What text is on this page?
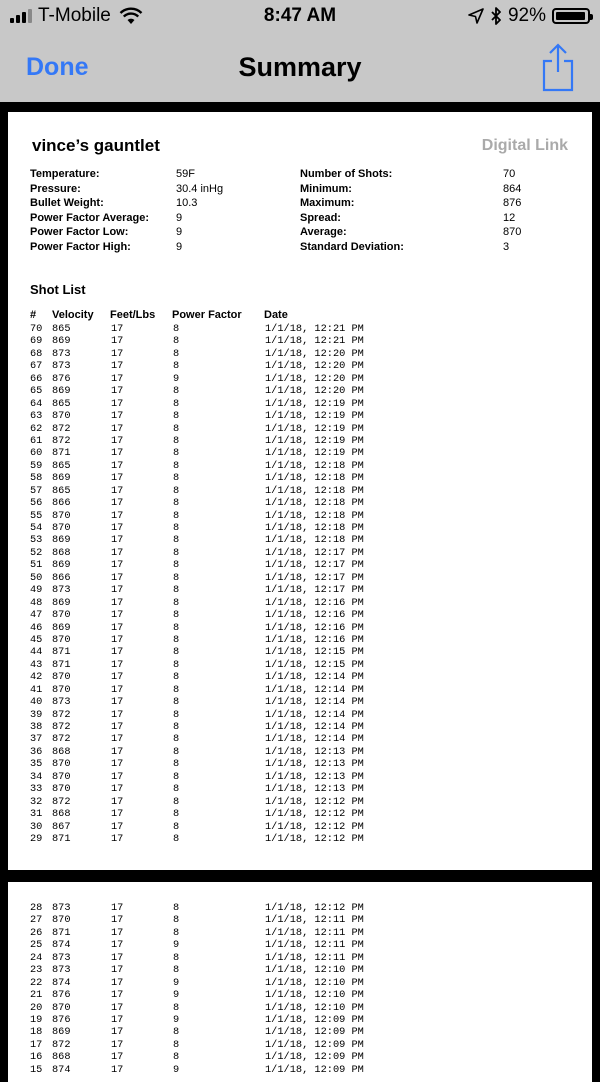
T-Mobile	8:47 AM	92%
Done	Summary
vince’s gauntlet	Digital Link
Temperature:	59F
Pressure:	30.4 inHg
Bullet Weight:	10.3
Power Factor Average: 9
Power Factor Low:	9
Power Factor High:	9
Number of Shots:	70
Minimum:	864
Maximum:	876
Spread:	12
Average:	870
Standard Deviation:	3
Shot List
# Velocity Feet/Lbs Power Factor Date
70 865	17	8	1/1/18, 12:21 PM
69 869	17	8	1/1/18, 12:21 PM
68 873	17	8	1/1/18, 12:20 PM
67 873	17	8	1/1/18, 12:20 PM
66 876	17	9	1/1/18, 12:20 PM
65 869	17	8	1/1/18, 12:20 PM
64 865	17	8	1/1/18, 12:19 PM
63 870	17	8	1/1/18, 12:19 PM
62 872	17	8	1/1/18, 12:19 PM
61 872	17	8	1/1/18, 12:19 PM
60 871	17	8	1/1/18, 12:19 PM
59 865	17	8	1/1/18, 12:18 PM
58 869	17	8	1/1/18, 12:18 PM
57 865	17	8	1/1/18, 12:18 PM
56 866	17	8	1/1/18, 12:18 PM
55 870	17	8	1/1/18, 12:18 PM
54 870	17	8	1/1/18, 12:18 PM
53 869	17	8	1/1/18, 12:18 PM
52 868	17	8	1/1/18, 12:17 PM
51 869	17	8	1/1/18, 12:17 PM
50 866	17	8	1/1/18, 12:17 PM
49 873	17	8	1/1/18, 12:17 PM
48 869	17	8	1/1/18, 12:16 PM
47 870	17	8	1/1/18, 12:16 PM
46 869	17	8	1/1/18, 12:16 PM
45 870	17	8	1/1/18, 12:16 PM
44 871	17	8	1/1/18, 12:15 PM
43 871	17	8	1/1/18, 12:15 PM
42 870	17	8	1/1/18, 12:14 PM
41 870	17	8	1/1/18, 12:14 PM
40 873	17	8	1/1/18, 12:14 PM
39 872	17	8	1/1/18, 12:14 PM
38 872	17	8	1/1/18, 12:14 PM
37 872	17	8	1/1/18, 12:14 PM
36 868	17	8	1/1/18, 12:13 PM
35 870	17	8	1/1/18, 12:13 PM
34 870	17	8	1/1/18, 12:13 PM
33 870	17	8	1/1/18, 12:13 PM
32 872	17	8	1/1/18, 12:12 PM
31 868	17	8	1/1/18, 12:12 PM
30 867	17	8	1/1/18, 12:12 PM
29 871	17	8	1/1/18, 12:12 PM
28 873	17	8	1/1/18, 12:12 PM
27 870	17	8	1/1/18, 12:11 PM
26 871	17	8	1/1/18, 12:11 PM
25 874	17	9	1/1/18, 12:11 PM
24 873	17	8	1/1/18, 12:11 PM
23 873	17	8	1/1/18, 12:10 PM
22 874	17	9	1/1/18, 12:10 PM
21 876	17	9	1/1/18, 12:10 PM
20 870	17	8	1/1/18, 12:10 PM
19 876	17	9	1/1/18, 12:09 PM
18 869	17	8	1/1/18, 12:09 PM
17 872	17	8	1/1/18, 12:09 PM
16 868	17	8	1/1/18, 12:09 PM
15 874	17	9	1/1/18, 12:09 PM
